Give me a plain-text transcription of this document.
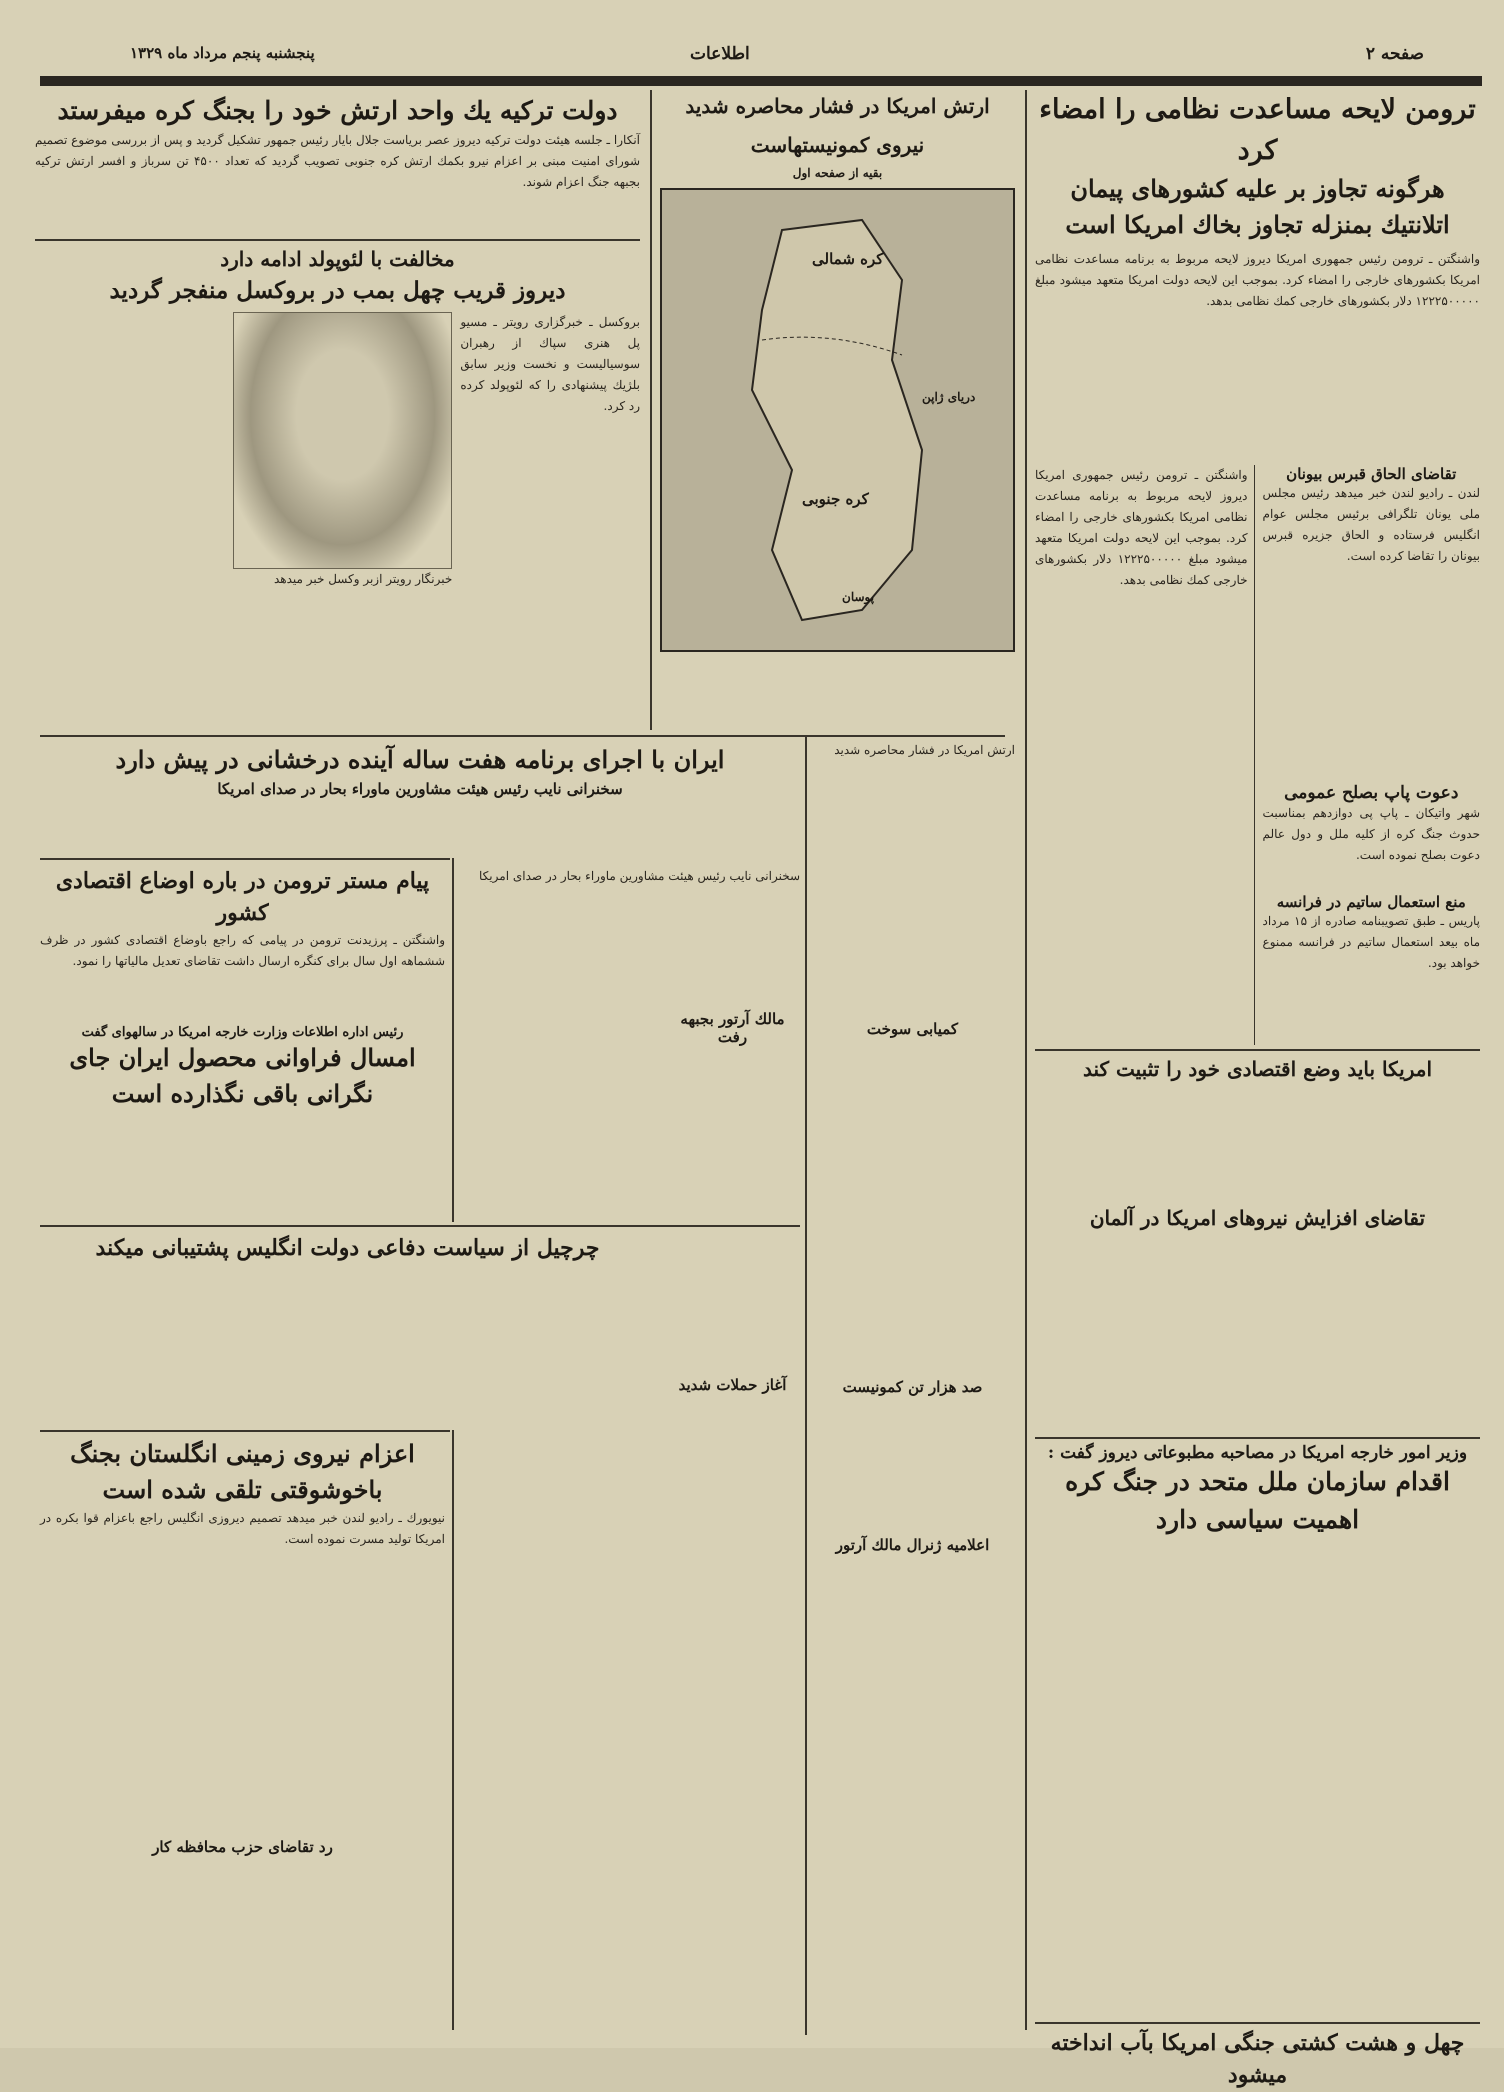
صفحه ۲
اطلاعات
پنجشنبه پنجم مرداد ماه ۱۳۲۹
ترومن لایحه مساعدت نظامی را امضاء کرد
هرگونه تجاوز بر علیه کشورهای پیمان اتلانتیك بمنزله تجاوز بخاك امریكا است
واشنگتن ـ ترومن رئیس جمهوری امریکا دیروز لایحه مربوط به برنامه مساعدت نظامی امریکا بکشورهای خارجی را امضاء کرد. بموجب این لایحه دولت امریکا متعهد میشود مبلغ ۱۲۲۲۵۰۰۰۰۰ دلار بکشورهای خارجی کمك نظامی بدهد.
تقاضای الحاق قبرس بیونان
لندن ـ رادیو لندن خبر میدهد رئیس مجلس ملی یونان تلگرافی برئیس مجلس عوام انگلیس فرستاده و الحاق جزیره قبرس بیونان را تقاضا کرده است.
دعوت پاپ بصلح عمومی
شهر واتیکان ـ پاپ پی دوازدهم بمناسبت حدوث جنگ کره از کلیه ملل و دول عالم دعوت بصلح نموده است.
منع استعمال ساتیم در فرانسه
پاریس ـ طبق تصویبنامه صادره از ۱۵ مرداد ماه بیعد استعمال ساتیم در فرانسه ممنوع خواهد بود.
واشنگتن ـ ترومن رئیس جمهوری امریکا دیروز لایحه مربوط به برنامه مساعدت نظامی امریکا بکشورهای خارجی را امضاء کرد. بموجب این لایحه دولت امریکا متعهد میشود مبلغ ۱۲۲۲۵۰۰۰۰۰ دلار بکشورهای خارجی کمك نظامی بدهد.
امریکا باید وضع اقتصادی خود را تثبیت کند
تقاضای افزایش نیروهای امریکا در آلمان
وزیر امور خارجه امریکا در مصاحبه مطبوعاتی دیروز گفت :
اقدام سازمان ملل متحد در جنگ کره اهمیت سیاسی دارد
چهل و هشت کشتی جنگی امریکا بآب انداخته میشود
ارتش امریکا در فشار محاصره شدید
نیروی کمونیستهاست
بقیه از صفحه اول
کره شمالی
دریای ژاپن
کره جنوبی
پوسان
ارتش امریکا در فشار محاصره شدید
کمیابی سوخت
صد هزار تن کمونیست
اعلامیه ژنرال مالك آرتور
مالك آرتور بجبهه رفت
آغاز حملات شدید
دولت ترکیه یك واحد ارتش خود را بجنگ کره میفرستد
آنکارا ـ جلسه هیئت دولت ترکیه دیروز عصر بریاست جلال بایار رئیس جمهور تشکیل گردید و پس از بررسی موضوع تصمیم شورای امنیت مبنی بر اعزام نیرو بکمك ارتش کره جنوبی تصویب گردید که تعداد ۴۵۰۰ تن سرباز و افسر ارتش ترکیه بجبهه جنگ اعزام شوند.
مخالفت با لئوپولد ادامه دارد
دیروز قریب چهل بمب در بروکسل منفجر گردید
بروکسل ـ خبرگزاری رویتر ـ مسیو پل هنری سپاك از رهبران سوسیالیست و نخست وزیر سابق بلژیك پیشنهادی را که لئوپولد کرده رد کرد.
خبرنگار رویتر ازبر وکسل خبر میدهد
ایران با اجرای برنامه هفت ساله آینده درخشانی در پیش دارد
سخنرانی نایب رئیس هیئت مشاورین ماوراء بحار در صدای امریکا
پیام مستر ترومن در باره اوضاع اقتصادی کشور
واشنگتن ـ پرزیدنت ترومن در پیامی که راجع باوضاع اقتصادی کشور در ظرف ششماهه اول سال برای کنگره ارسال داشت تقاضای تعدیل مالیاتها را نمود.
رئیس اداره اطلاعات وزارت خارجه امریکا در سالهوای گفت
امسال فراوانی محصول ایران جای نگرانی باقی نگذارده است
سخنرانی نایب رئیس هیئت مشاورین ماوراء بحار در صدای امریکا
چرچیل از سیاست دفاعی دولت انگلیس پشتیبانی میکند
اعزام نیروی زمینی انگلستان بجنگ باخوشوقتی تلقی شده است
نیویورك ـ رادیو لندن خبر میدهد تصمیم دیروزی انگلیس راجع باعزام قوا بکره در امریکا تولید مسرت نموده است.
رد تقاضای حزب محافظه کار
